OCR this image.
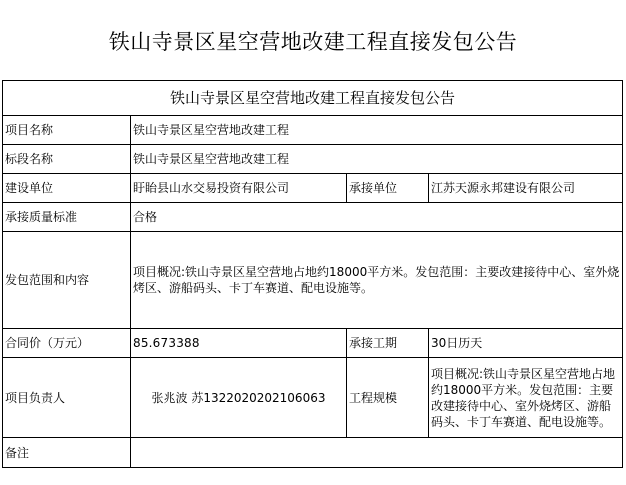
铁山寺景区星空营地改建工程直接发包公告
铁山寺景区星空营地改建工程直接发包公告			
项目名称	铁山寺景区星空营地改建工程		
标段名称	铁山寺景区星空营地改建工程		
建设单位	盱眙县山水交易投资有限公司	承接单位	江苏天源永邦建设有限公司
承接质量标准	合格		
发包范围和内容	项目概况:铁山寺景区星空营地占地约18000平方米。发包范围：主要改建接待中心、室外烧烤区、游船码头、卡丁车赛道、配电设施等。		
合同价（万元）	85.673388	承接工期	30日历天
项目负责人	张兆波 苏1322020202106063	工程规模	项目概况:铁山寺景区星空营地占地约18000平方米。发包范围：主要改建接待中心、室外烧烤区、游船码头、卡丁车赛道、配电设施等。
备注			
